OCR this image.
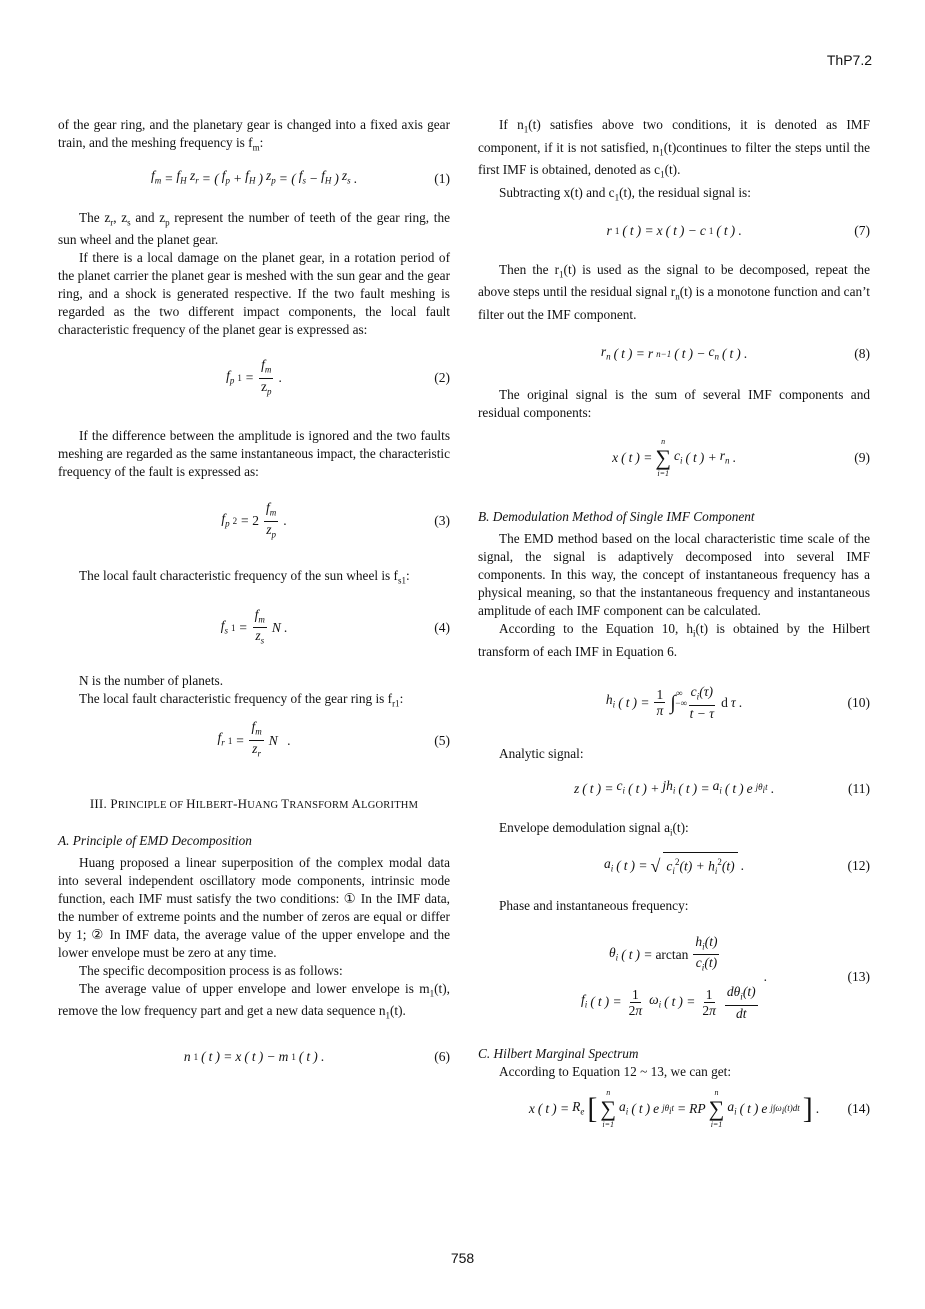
ThP7.2

of the gear ring, and the planetary gear is changed into a fixed axis gear train, and the meshing frequency is $f_m$:

$f_m = f_H$ $z_r$ = ( $f_p + f_H$ ) $z_p$ = ( $f_s - f_H$ ) $z_s$ .	(1)

The $z_r$, $z_s$ and $z_p$ represent the number of teeth of the gear ring, the sun wheel and the planet gear.

If there is a local damage on the planet gear, in a rotation period of the planet carrier the planet gear is meshed with the sun gear and the gear ring, and a shock is generated respective. If the two fault meshing is regarded as the two different impact components, the local fault characteristic frequency of the planet gear is expressed as:

$f_p$ $1 = \frac{f_m}{z_p}$ .	(2)

If the difference between the amplitude is ignored and the two faults meshing are regarded as the same instantaneous impact, the characteristic frequency of the fault is expressed as:

$f_p$ $2 = 2 \frac{f_m}{z_p}$ .	(3)

The local fault characteristic frequency of the sun wheel is $f_{s1}$:

$f_s$ $1 = \frac{f_m}{z_s}$ N .	(4)

N is the number of planets.

The local fault characteristic frequency of the gear ring is $f_{r1}$:

$f_r$ $1 = \frac{f_m}{z_r}$ N
.	(5)

III. PRINCIPLE OF HILBERT-HUANG TRANSFORM ALGORITHM

A. Principle of EMD Decomposition

Huang proposed a linear superposition of the complex modal data into several independent oscillatory mode components, intrinsic mode function, each IMF must satisfy the two conditions: ① In the IMF data, the number of extreme points and the number of zeros are equal or differ by 1; ② In IMF data, the average value of the upper envelope and the lower envelope must be zero at any time.

The specific decomposition process is as follows:

The average value of upper envelope and lower envelope is $m_1(t)$, remove the low frequency part and get a new data sequence $n_1(t)$.

n 1 ( t ) = x ( t ) − m 1 ( t ) .	(6)

If $n_1(t)$ satisfies above two conditions, it is denoted as IMF component, if it is not satisfied, $n_1(t)continues$ to filter the steps until the first IMF is obtained, denoted as $c_1(t)$.

Subtracting x(t) and $c_1(t)$, the residual signal is:

r 1 ( t ) = x ( t ) − c 1 ( t ) .	(7)

Then the $r_1(t)$ is used as the signal to be decomposed, repeat the above steps until the residual signal $r_n(t)$ is a monotone function and can’t filter out the IMF component.

$r_n$ ( t ) = r n−1 ( t ) − $c_n$ ( t ) .	(8)

The original signal is the sum of several IMF components and residual components:

x ( t ) =
n
∑
i=1
$c_i$ ( t ) + $r_n$ .	(9)

B. Demodulation Method of Single IMF Component

The EMD method based on the local characteristic time scale of the signal, the signal is adaptively decomposed into several IMF components. In this way, the concept of instantaneous frequency has a physical meaning, so that the instantaneous frequency and instantaneous amplitude of each IMF component can be calculated.

According to the Equation 10, $h_i(t)$ is obtained by the Hilbert transform of each IMF in Equation 6.

$h_i$ ( t ) = $\frac{1}{\pi}$ ∫ −∞
$^\infty \frac{c_i(\tau)}{t - \tau}$ d τ .	(10)

Analytic signal:

z ( t ) = $c_i$ ( t ) + $jh_i$ ( t ) = $a_i$ ( t ) e $j\theta_it$ .	(11)

Envelope demodulation signal $a_i(t)$:

$a_i$ ( t ) = √ $c_i^2(t) + h_i^2(t)$ .	(12)

Phase and instantaneous frequency:

$\theta_i$ ( t ) = $\arctan \frac{h_i(t)}{c_i(t)}$
$f_i$ ( t ) = $\frac{1}{2\pi} \omega_i$ ( t ) = $\frac{1}{2\pi} \frac{d\theta_i(t)}{dt}$
.	(13)

C. Hilbert Marginal Spectrum

According to Equation 12 ~ 13, we can get:

x ( t ) = $R_e$ [ n
∑
i=1
$a_i$ ( t ) e $j\theta_it$ = RP
n
∑
i=1
$a_i$ ( t ) e $j\int\omega_i(t)dt$ ] . (14)
758
